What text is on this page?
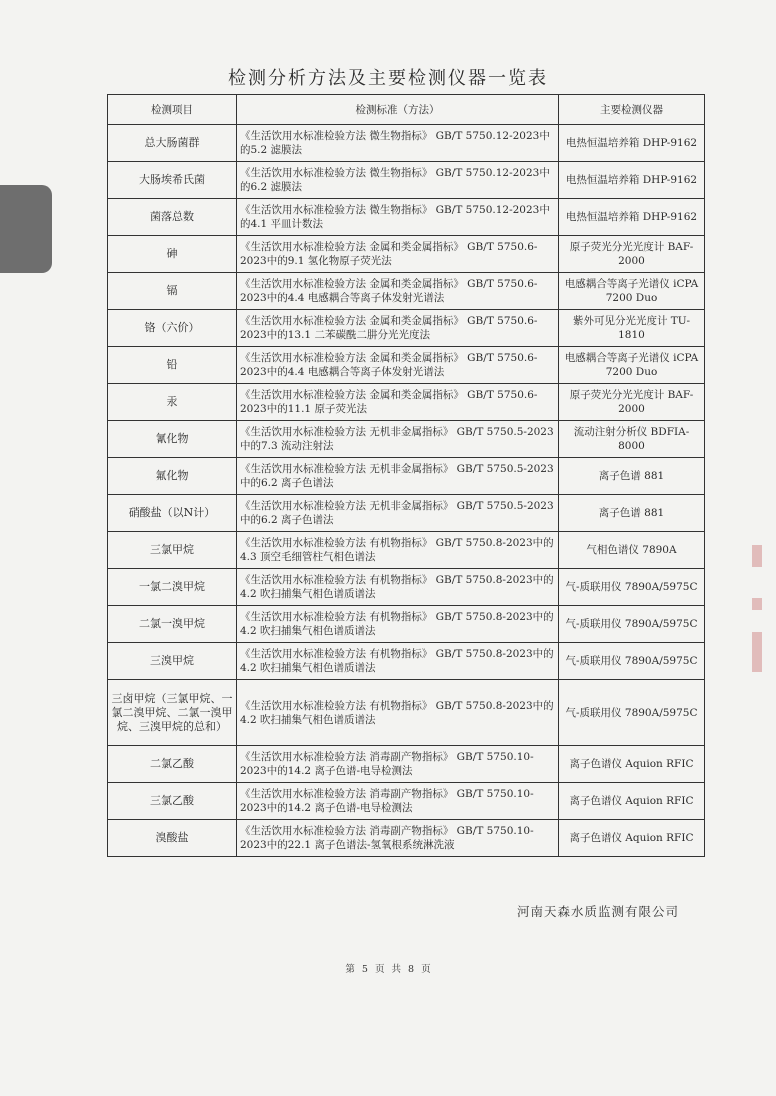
检测分析方法及主要检测仪器一览表
检测项目	检测标准（方法）	主要检测仪器
总大肠菌群	《生活饮用水标准检验方法 微生物指标》 GB/T 5750.12-2023中的5.2 滤膜法	电热恒温培养箱 DHP-9162
大肠埃希氏菌	《生活饮用水标准检验方法 微生物指标》 GB/T 5750.12-2023中的6.2 滤膜法	电热恒温培养箱 DHP-9162
菌落总数	《生活饮用水标准检验方法 微生物指标》 GB/T 5750.12-2023中的4.1 平皿计数法	电热恒温培养箱 DHP-9162
砷	《生活饮用水标准检验方法 金属和类金属指标》 GB/T 5750.6-2023中的9.1 氢化物原子荧光法	原子荧光分光光度计 BAF-2000
镉	《生活饮用水标准检验方法 金属和类金属指标》 GB/T 5750.6-2023中的4.4 电感耦合等离子体发射光谱法	电感耦合等离子光谱仪 iCPA 7200 Duo
铬（六价）	《生活饮用水标准检验方法 金属和类金属指标》 GB/T 5750.6-2023中的13.1 二苯碳酰二肼分光光度法	紫外可见分光光度计 TU-1810
铅	《生活饮用水标准检验方法 金属和类金属指标》 GB/T 5750.6-2023中的4.4 电感耦合等离子体发射光谱法	电感耦合等离子光谱仪 iCPA 7200 Duo
汞	《生活饮用水标准检验方法 金属和类金属指标》 GB/T 5750.6-2023中的11.1 原子荧光法	原子荧光分光光度计 BAF-2000
氰化物	《生活饮用水标准检验方法 无机非金属指标》 GB/T 5750.5-2023中的7.3 流动注射法	流动注射分析仪 BDFIA-8000
氟化物	《生活饮用水标准检验方法 无机非金属指标》 GB/T 5750.5-2023中的6.2 离子色谱法	离子色谱 881
硝酸盐（以N计）	《生活饮用水标准检验方法 无机非金属指标》 GB/T 5750.5-2023中的6.2 离子色谱法	离子色谱 881
三氯甲烷	《生活饮用水标准检验方法 有机物指标》 GB/T 5750.8-2023中的4.3 顶空毛细管柱气相色谱法	气相色谱仪 7890A
一氯二溴甲烷	《生活饮用水标准检验方法 有机物指标》 GB/T 5750.8-2023中的4.2 吹扫捕集气相色谱质谱法	气-质联用仪 7890A/5975C
二氯一溴甲烷	《生活饮用水标准检验方法 有机物指标》 GB/T 5750.8-2023中的4.2 吹扫捕集气相色谱质谱法	气-质联用仪 7890A/5975C
三溴甲烷	《生活饮用水标准检验方法 有机物指标》 GB/T 5750.8-2023中的4.2 吹扫捕集气相色谱质谱法	气-质联用仪 7890A/5975C
三卤甲烷（三氯甲烷、一氯二溴甲烷、二氯一溴甲烷、三溴甲烷的总和）	《生活饮用水标准检验方法 有机物指标》 GB/T 5750.8-2023中的4.2 吹扫捕集气相色谱质谱法	气-质联用仪 7890A/5975C
二氯乙酸	《生活饮用水标准检验方法 消毒副产物指标》 GB/T 5750.10-2023中的14.2 离子色谱-电导检测法	离子色谱仪 Aquion RFIC
三氯乙酸	《生活饮用水标准检验方法 消毒副产物指标》 GB/T 5750.10-2023中的14.2 离子色谱-电导检测法	离子色谱仪 Aquion RFIC
溴酸盐	《生活饮用水标准检验方法 消毒副产物指标》 GB/T 5750.10-2023中的22.1 离子色谱法-氢氧根系统淋洗液	离子色谱仪 Aquion RFIC
河南天森水质监测有限公司
第 5 页 共 8 页
